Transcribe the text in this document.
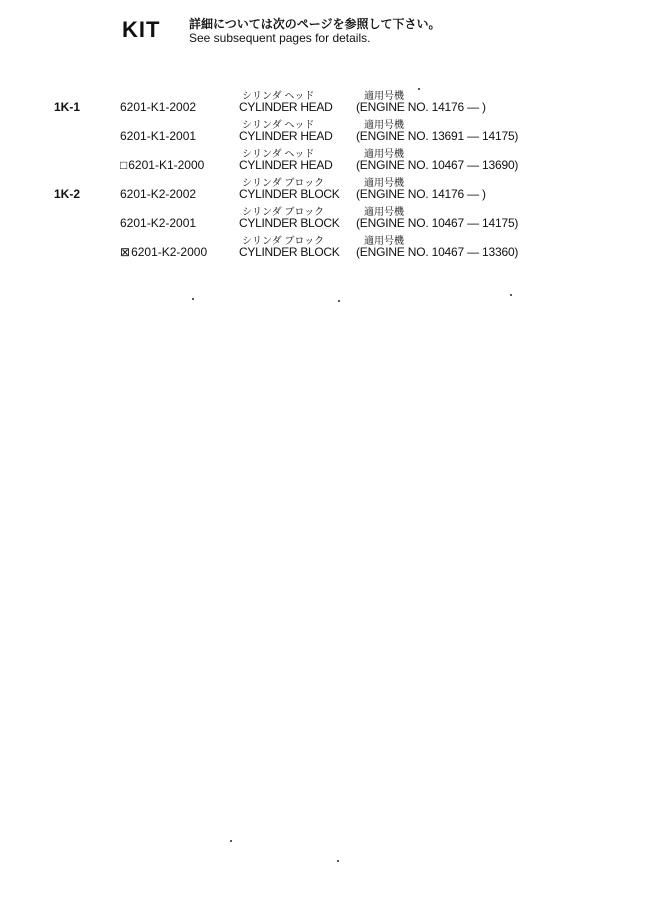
KIT 詳細については次のページを参照して下さい。
See subsequent pages for details.
1K-1
1K-2
6201-K1-2002
シリンダ ヘッド
CYLINDER HEAD
適用号機
(ENGINE NO. 14176 — )
6201-K1-2001
シリンダ ヘッド
CYLINDER HEAD
適用号機
(ENGINE NO. 13691 — 14175)
□6201-K1-2000
シリンダ ヘッド
CYLINDER HEAD
適用号機
(ENGINE NO. 10467 — 13690)
6201-K2-2002
シリンダ ブロック
CYLINDER BLOCK
適用号機
(ENGINE NO. 14176 — )
6201-K2-2001
シリンダ ブロック
CYLINDER BLOCK
適用号機
(ENGINE NO. 10467 — 14175)
⊠6201-K2-2000
シリンダ ブロック
CYLINDER BLOCK
適用号機
(ENGINE NO. 10467 — 13360)
